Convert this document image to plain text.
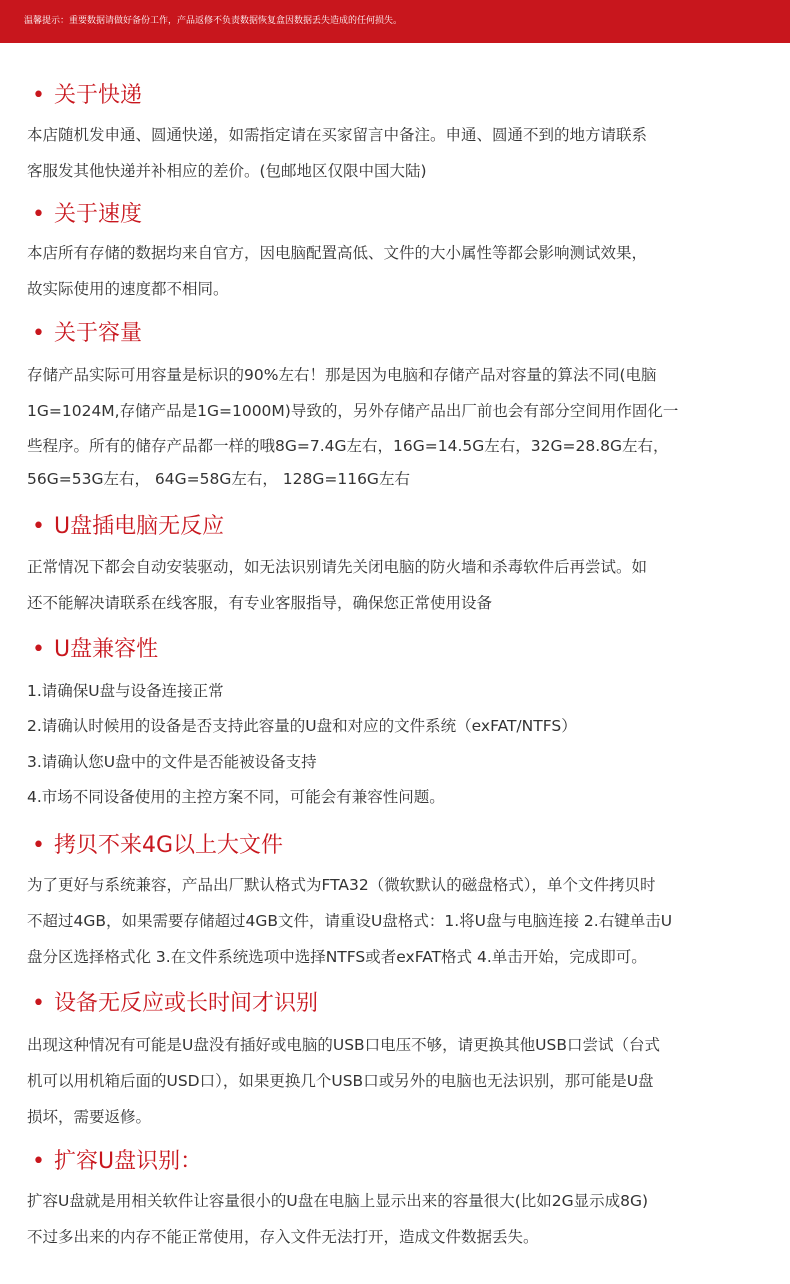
温馨提示：重要数据请做好备份工作，产品返修不负责数据恢复盒因数据丢失造成的任何损失。
• 关于快递
本店随机发申通、圆通快递，如需指定请在买家留言中备注。申通、圆通不到的地方请联系
客服发其他快递并补相应的差价。(包邮地区仅限中国大陆)
• 关于速度
本店所有存储的数据均来自官方，因电脑配置高低、文件的大小属性等都会影响测试效果，
故实际使用的速度都不相同。
• 关于容量
存储产品实际可用容量是标识的90%左右！那是因为电脑和存储产品对容量的算法不同(电脑
1G=1024M,存储产品是1G=1000M)导致的，另外存储产品出厂前也会有部分空间用作固化一
些程序。所有的储存产品都一样的哦8G=7.4G左右，16G=14.5G左右，32G=28.8G左右，
56G=53G左右， 64G=58G左右， 128G=116G左右
• U盘插电脑无反应
正常情况下都会自动安装驱动，如无法识别请先关闭电脑的防火墙和杀毒软件后再尝试。如
还不能解决请联系在线客服，有专业客服指导，确保您正常使用设备
• U盘兼容性
1.请确保U盘与设备连接正常
2.请确认时候用的设备是否支持此容量的U盘和对应的文件系统（exFAT/NTFS）
3.请确认您U盘中的文件是否能被设备支持
4.市场不同设备使用的主控方案不同，可能会有兼容性问题。
• 拷贝不来4G以上大文件
为了更好与系统兼容，产品出厂默认格式为FTA32（微软默认的磁盘格式），单个文件拷贝时
不超过4GB，如果需要存储超过4GB文件，请重设U盘格式：1.将U盘与电脑连接 2.右键单击U
盘分区选择格式化 3.在文件系统选项中选择NTFS或者exFAT格式 4.单击开始，完成即可。
• 设备无反应或长时间才识别
出现这种情况有可能是U盘没有插好或电脑的USB口电压不够，请更换其他USB口尝试（台式
机可以用机箱后面的USD口），如果更换几个USB口或另外的电脑也无法识别，那可能是U盘
损坏，需要返修。
• 扩容U盘识别：
扩容U盘就是用相关软件让容量很小的U盘在电脑上显示出来的容量很大(比如2G显示成8G)
不过多出来的内存不能正常使用，存入文件无法打开，造成文件数据丢失。
